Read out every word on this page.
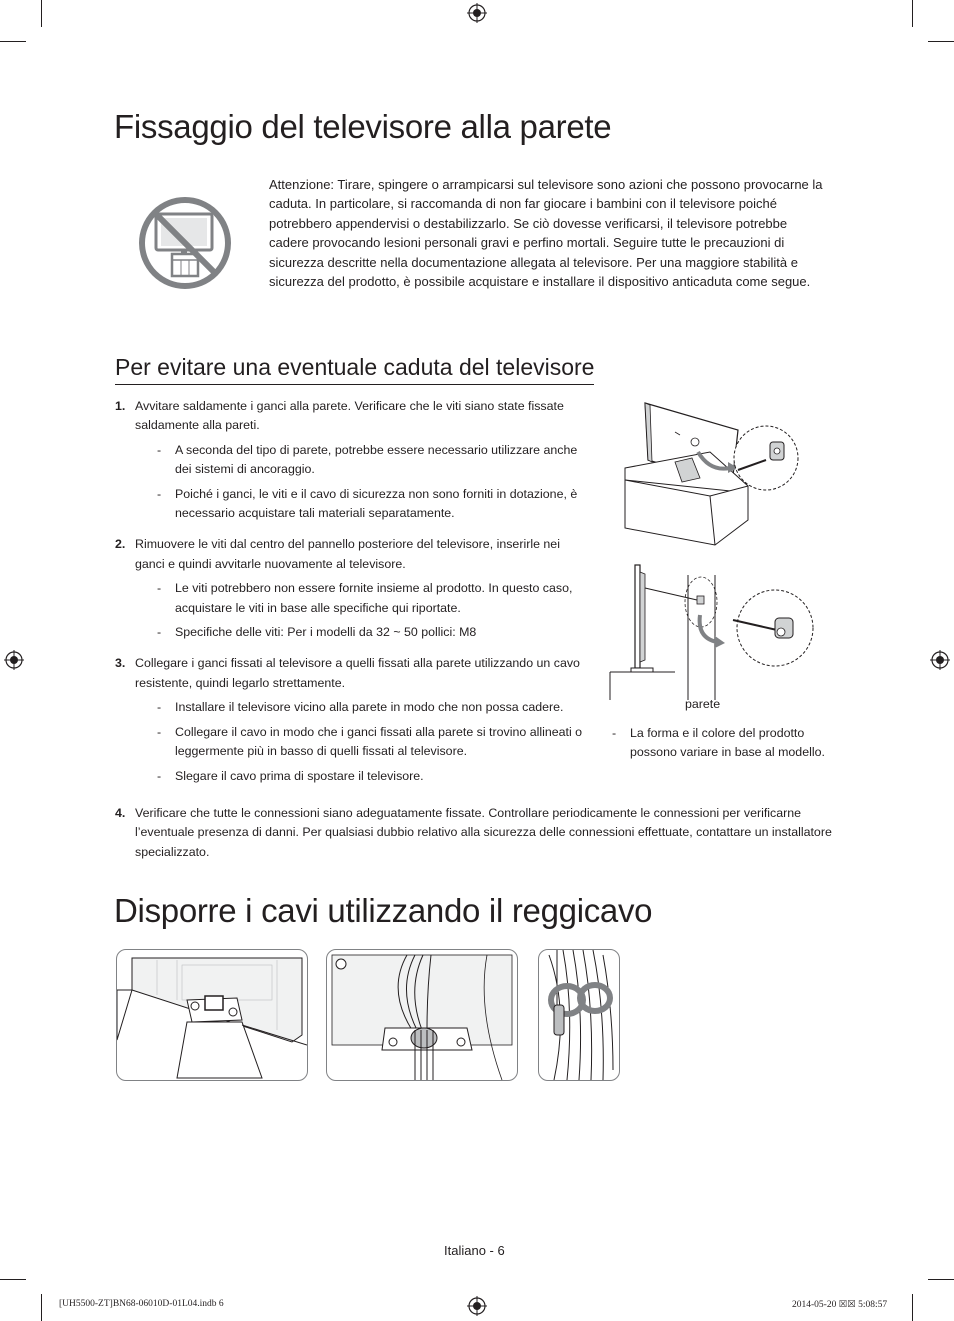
Fissaggio del televisore alla parete
Attenzione: Tirare, spingere o arrampicarsi sul televisore sono azioni che possono provocarne la caduta. In particolare, si raccomanda di non far giocare i bambini con il televisore poiché potrebbero appendervisi o destabilizzarlo. Se ciò dovesse verificarsi, il televisore potrebbe cadere provocando lesioni personali gravi e perfino mortali. Seguire tutte le precauzioni di sicurezza descritte nella documentazione allegata al televisore. Per una maggiore stabilità e sicurezza del prodotto, è possibile acquistare e installare il dispositivo anticaduta come segue.
Per evitare una eventuale caduta del televisore
1. Avvitare saldamente i ganci alla parete. Verificare che le viti siano state fissate saldamente alla pareti.
- A seconda del tipo di parete, potrebbe essere necessario utilizzare anche dei sistemi di ancoraggio.
- Poiché i ganci, le viti e il cavo di sicurezza non sono forniti in dotazione, è necessario acquistare tali materiali separatamente.
2. Rimuovere le viti dal centro del pannello posteriore del televisore, inserirle nei ganci e quindi avvitarle nuovamente al televisore.
- Le viti potrebbero non essere fornite insieme al prodotto. In questo caso, acquistare le viti in base alle specifiche qui riportate.
- Specifiche delle viti: Per i modelli da 32 ~ 50 pollici: M8
3. Collegare i ganci fissati al televisore a quelli fissati alla parete utilizzando un cavo resistente, quindi legarlo strettamente.
- Installare il televisore vicino alla parete in modo che non possa cadere.
- Collegare il cavo in modo che i ganci fissati alla parete si trovino allineati o leggermente più in basso di quelli fissati al televisore.
- Slegare il cavo prima di spostare il televisore.
4. Verificare che tutte le connessioni siano adeguatamente fissate. Controllare periodicamente le connessioni per verificarne l’eventuale presenza di danni. Per qualsiasi dubbio relativo alla sicurezza delle connessioni effettuate, contattare un installatore specializzato.
parete
-	La forma e il colore del prodotto possono variare in base al modello.
Disporre i cavi utilizzando il reggicavo
Italiano - 6
[UH5500-ZT]BN68-06010D-01L04.indb 6	2014-05-20 ☒☒ 5:08:57
